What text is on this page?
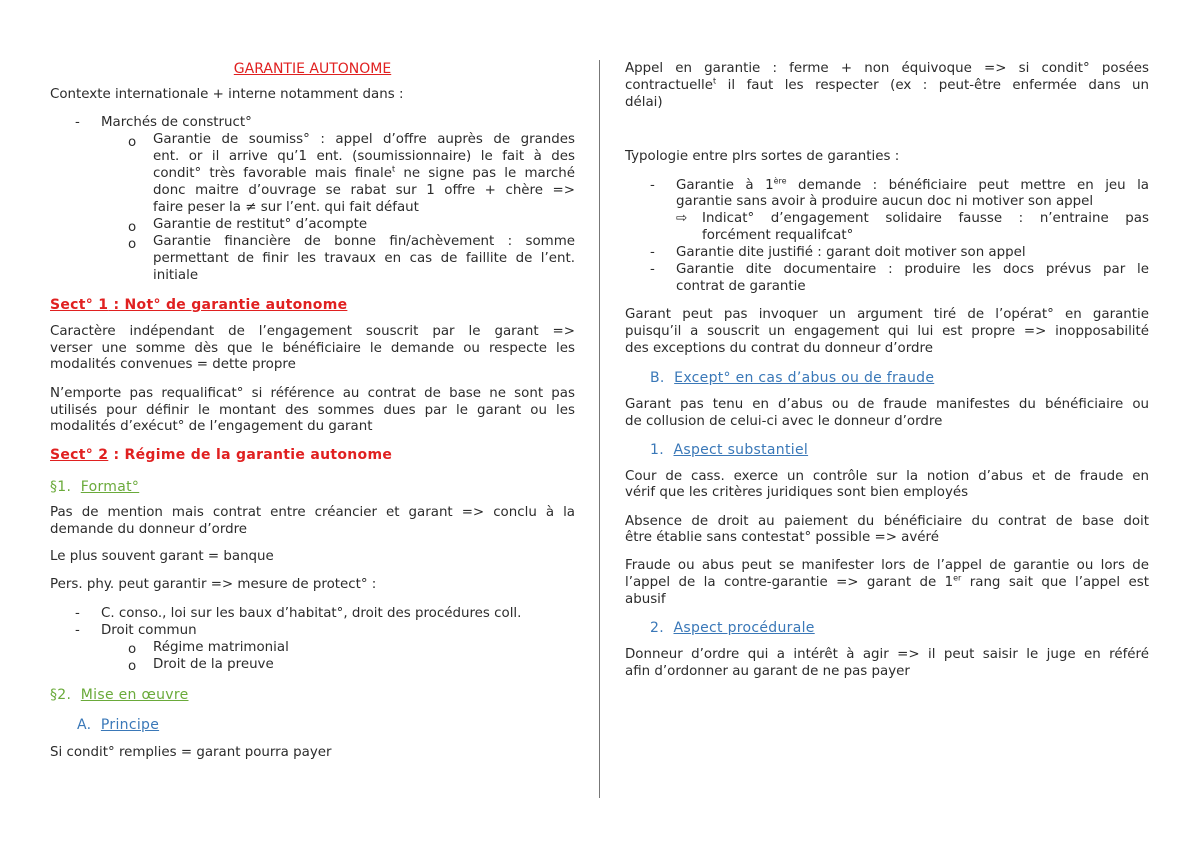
GARANTIE AUTONOME
Contexte internationale + interne notamment dans :
- Marchés de construct°
o Garantie de soumiss° : appel d’offre auprès de grandes
ent. or il arrive qu’1 ent. (soumissionnaire) le fait à des
condit° très favorable mais finale$^t$ ne signe pas le marché
donc maitre d’ouvrage se rabat sur 1 offre + chère =>
faire peser la ≠ sur l’ent. qui fait défaut
o Garantie de restitut° d’acompte
o Garantie financière de bonne fin/achèvement : somme
permettant de finir les travaux en cas de faillite de l’ent.
initiale
Sect° 1 : Not° de garantie autonome
Caractère indépendant de l’engagement souscrit par le garant =>
verser une somme dès que le bénéficiaire le demande ou respecte les
modalités convenues = dette propre
N’emporte pas requalificat° si référence au contrat de base ne sont pas
utilisés pour définir le montant des sommes dues par le garant ou les
modalités d’exécut° de l’engagement du garant
Sect° 2 : Régime de la garantie autonome
§1. Format°
Pas de mention mais contrat entre créancier et garant => conclu à la
demande du donneur d’ordre
Le plus souvent garant = banque
Pers. phy. peut garantir => mesure de protect° :
- C. conso., loi sur les baux d’habitat°, droit des procédures coll.
- Droit commun
o Régime matrimonial
o Droit de la preuve
§2. Mise en œuvre
A. Principe
Si condit° remplies = garant pourra payer
Appel en garantie : ferme + non équivoque => si condit° posées
contractuelle$^t$ il faut les respecter (ex : peut-être enfermée dans un
délai)
Typologie entre plrs sortes de garanties :
- Garantie à 1ère demande : bénéficiaire peut mettre en jeu la
garantie sans avoir à produire aucun doc ni motiver son appel
⇨ Indicat° d’engagement solidaire fausse : n’entraine pas
forcément requalifcat°
- Garantie dite justifié : garant doit motiver son appel
- Garantie dite documentaire : produire les docs prévus par le
contrat de garantie
Garant peut pas invoquer un argument tiré de l’opérat° en garantie
puisqu’il a souscrit un engagement qui lui est propre => inopposabilité
des exceptions du contrat du donneur d’ordre
B. Except° en cas d’abus ou de fraude
Garant pas tenu en d’abus ou de fraude manifestes du bénéficiaire ou
de collusion de celui-ci avec le donneur d’ordre
1. Aspect substantiel
Cour de cass. exerce un contrôle sur la notion d’abus et de fraude en
vérif que les critères juridiques sont bien employés
Absence de droit au paiement du bénéficiaire du contrat de base doit
être établie sans contestat° possible => avéré
Fraude ou abus peut se manifester lors de l’appel de garantie ou lors de
l’appel de la contre-garantie => garant de 1er rang sait que l’appel est
abusif
2. Aspect procédurale
Donneur d’ordre qui a intérêt à agir => il peut saisir le juge en référé
afin d’ordonner au garant de ne pas payer
